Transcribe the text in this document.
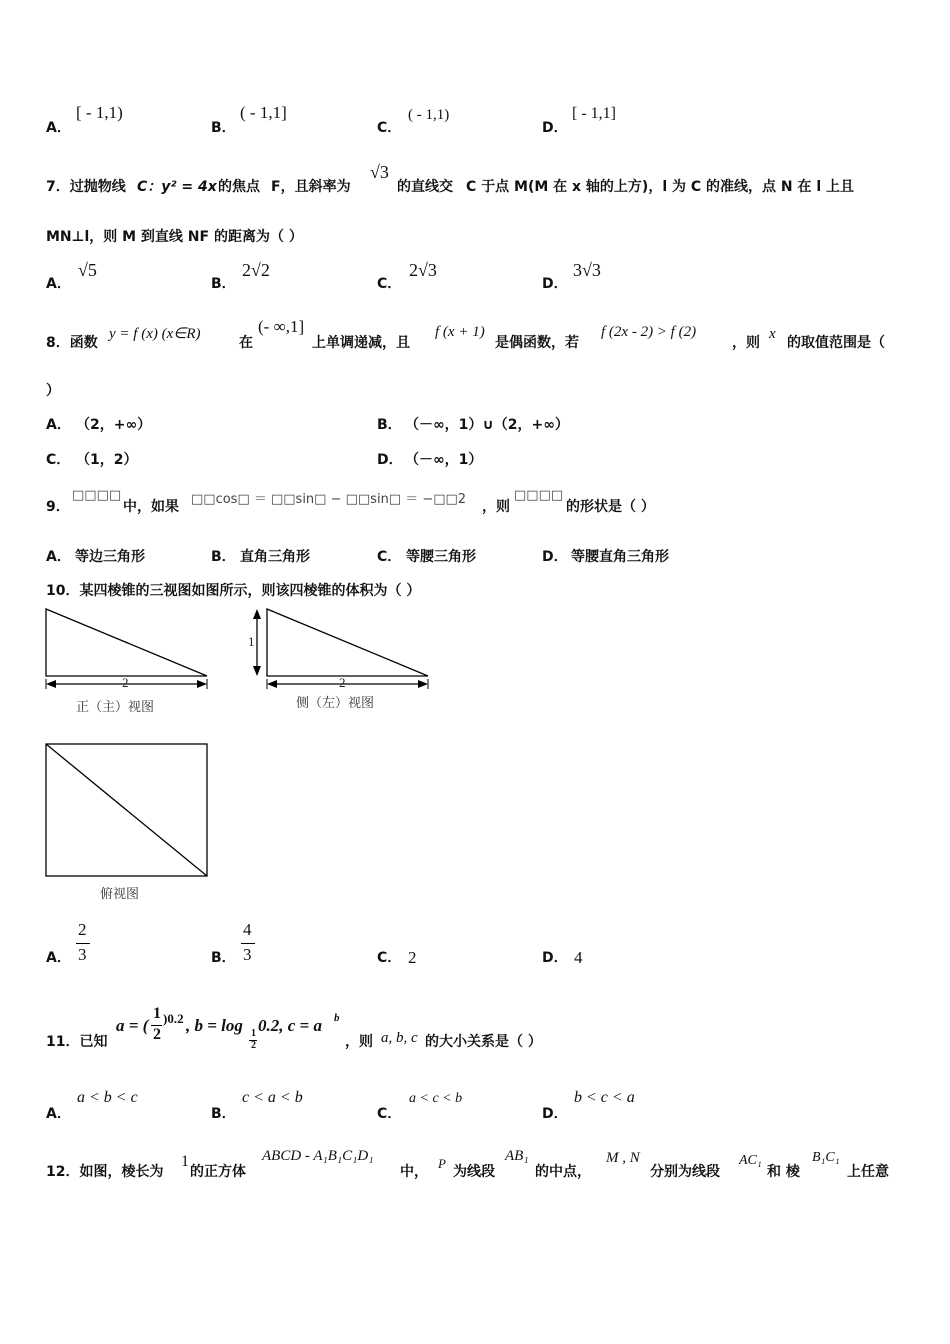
A．
[ - 1,1)
B．
( - 1,1]
C．
( - 1,1)
D．
[ - 1,1]
7．过抛物线 C：y² = 4x 的焦点 F，且斜率为
√3
的直线交 C 于点 M(M 在 x 轴的上方)，l 为 C 的准线，点 N 在 l 上且
MN⊥l，则 M 到直线 NF 的距离为（ ）
A．
√5
B．
2√2
C．
2√3
D．
3√3
8．函数
y = f (x) (x∈R)
在
(- ∞,1]
上单调递减，且
f (x + 1)
是偶函数，若
f (2x - 2) > f (2)
，则
x
的取值范围是（
）
A． （2，+∞）	B． （－∞，1）∪（2，+∞）
C． （1，2）	D． （－∞，1）
9．
□□□□
中，如果 □□cos□ ＝ □□sin□ − □□sin□ ＝ −□□2 ，则
□□□□
的形状是（ ）
A． 等边三角形	B． 直角三角形	C． 等腰三角形	D． 等腰直角三角形
10．某四棱锥的三视图如图所示，则该四棱锥的体积为（ ）
2
正（主）视图
1
2
侧（左）视图
俯视图
A．
2
3	B．
4
3	C． 2	D． 4
11．已知
a = (
1
2
)0.2 , b = log 1
2
0.2, c = a b
，则 a, b, c 的大小关系是（ ）
A．
a < b < c
B．
c < a < b
C．
a < c < b
D．
b < c < a
12．如图，棱长为
1
的正方体
ABCD - A₁B₁C₁D₁
中，
P
为线段
AB₁
的中点，
M , N
分别为线段
AC₁
和 棱
B₁C₁
上任意
